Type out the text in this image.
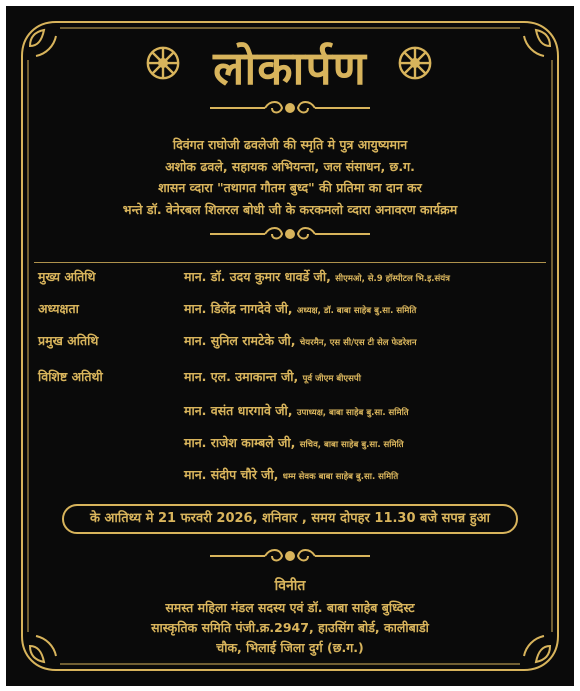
लोकार्पण
दिवंगत राघोजी ढवलेजी की स्मृति मे पुत्र आयुष्यमान
अशोक ढवले, सहायक अभियन्ता, जल संसाधन, छ.ग.
शासन व्दारा "तथागत गौतम बुध्द" की प्रतिमा का दान कर
भन्ते डॉ. वेनेरबल शिलरल बोधी जी के करकमलो व्दारा अनावरण कार्यक्रम
मुख्य अतिथि	मान. डॉ. उदय कुमार धावर्डे जी, सीएमओ, से.9 हॉस्पीटल भि.इ.संयंत्र
अध्यक्षता	मान. डिलेंद्र नागदेवे जी, अध्यक्ष, डॉ. बाबा साहेब बु.सा. समिति
प्रमुख अतिथि	मान. सुनिल रामटेके जी, चेयरमैन, एस सी/एस टी सेल फेडरेशन
विशिष्ट अतिथी	मान. एल. उमाकान्त जी, पूर्व जीएम बीएसपी
मान. वसंत धारगावे जी, उपाध्यक्ष, बाबा साहेब बु.सा. समिति
मान. राजेश काम्बले जी, सचिव, बाबा साहेब बु.सा. समिति
मान. संदीप चौरे जी, धम्म सेवक बाबा साहेब बु.सा. समिति
के आतिथ्य मे 21 फरवरी 2026, शनिवार , समय दोपहर 11.30 बजे सपन्न हुआ
विनीत
समस्त महिला मंडल सदस्य एवं डॉ. बाबा साहेब बुध्दिस्ट
सास्कृतिक समिति पंजी.क्र.2947, हाउसिंग बोर्ड, कालीबाडी
चौक, भिलाई जिला दुर्ग (छ.ग.)
